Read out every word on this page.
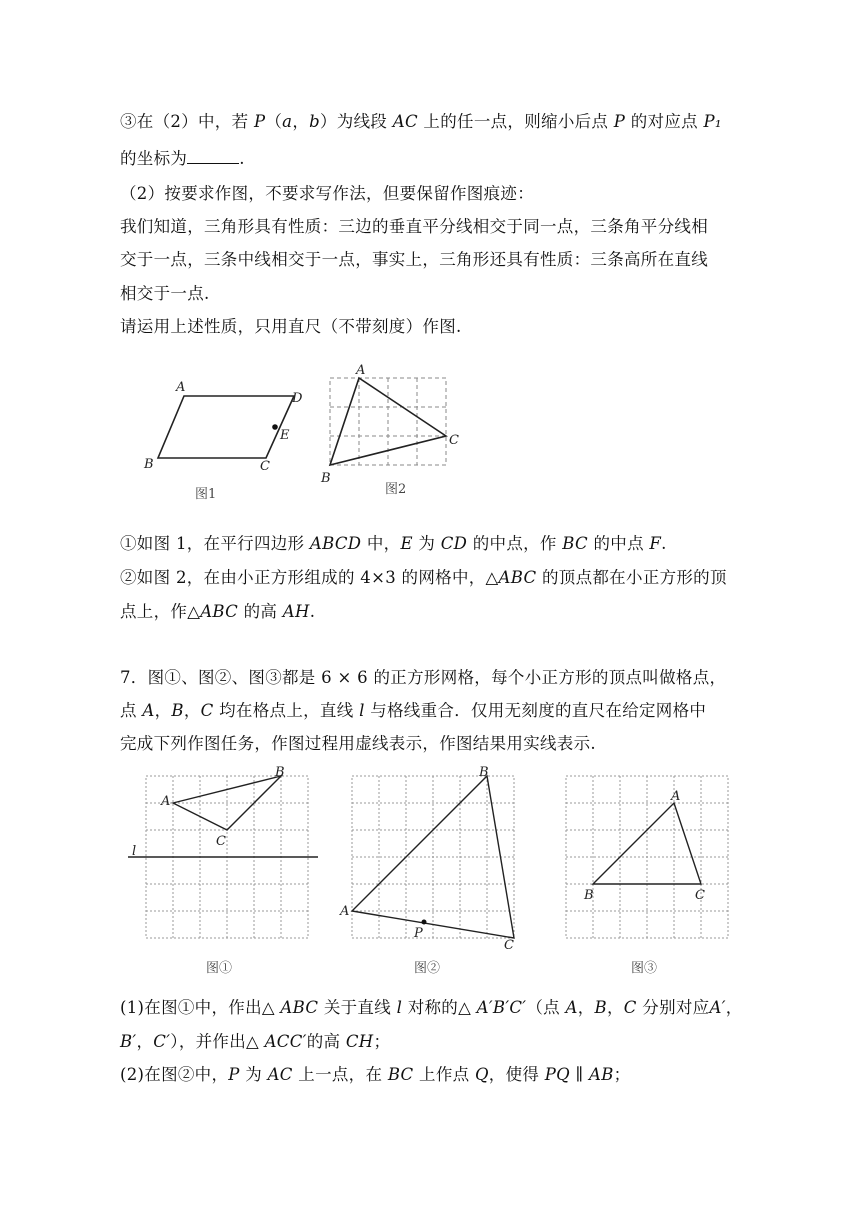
③在（2）中，若 P（a，b）为线段 AC 上的任一点，则缩小后点 P 的对应点 P₁
的坐标为	.
（2）按要求作图，不要求写作法，但要保留作图痕迹：
我们知道，三角形具有性质：三边的垂直平分线相交于同一点，三条角平分线相
交于一点，三条中线相交于一点，事实上，三角形还具有性质：三条高所在直线
相交于一点.
请运用上述性质，只用直尺（不带刻度）作图.
A
D
E
B	C
图1
A
C
B
图2
①如图 1，在平行四边形 ABCD 中，E 为 CD 的中点，作 BC 的中点 F.
②如图 2，在由小正方形组成的 4×3 的网格中，△ABC 的顶点都在小正方形的顶
点上，作△ABC 的高 AH.
7．图①、图②、图③都是 6 × 6 的正方形网格，每个小正方形的顶点叫做格点，
点 A，B，C 均在格点上，直线 l 与格线重合．仅用无刻度的直尺在给定网格中
完成下列作图任务，作图过程用虚线表示，作图结果用实线表示.
A
B
C
l
图①
A
B
C
P
图②
A
B	C
图③
(1)在图①中，作出△ ABC 关于直线 l 对称的△ A′B′C′（点 A，B，C 分别对应A′，
B′，C′），并作出△ ACC′的高 CH；
(2)在图②中，P 为 AC 上一点，在 BC 上作点 Q，使得 PQ ∥ AB；
